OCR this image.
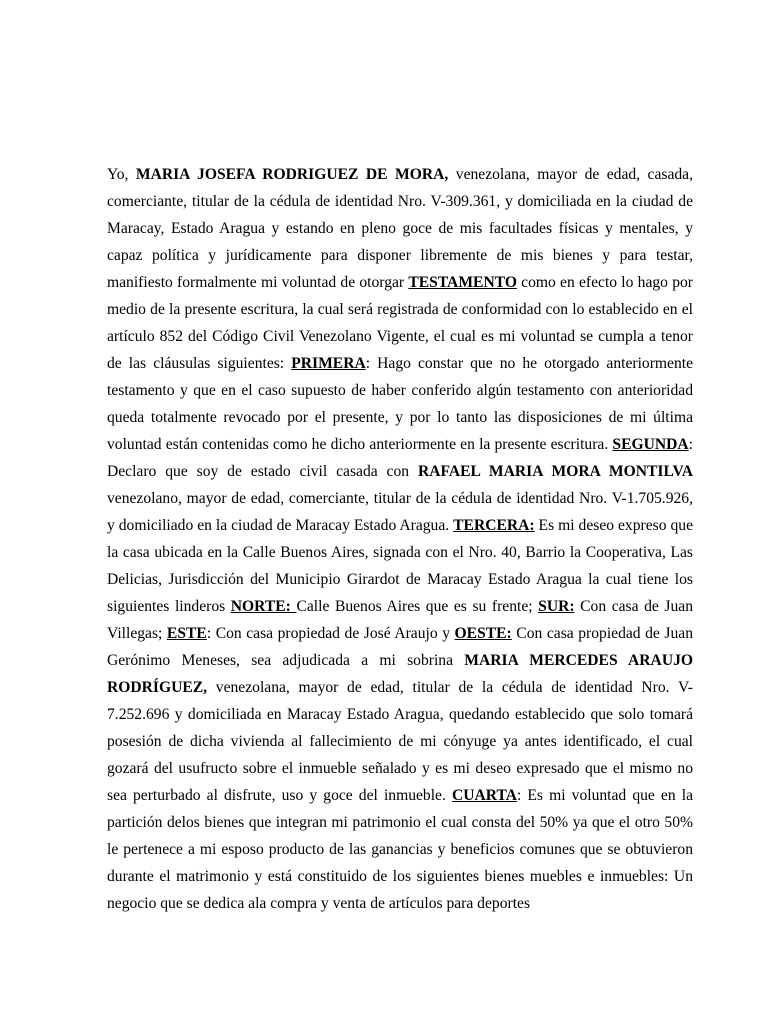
Yo, MARIA JOSEFA RODRIGUEZ DE MORA, venezolana, mayor de edad, casada, comerciante, titular de la cédula de identidad Nro. V-309.361, y domiciliada en la ciudad de Maracay, Estado Aragua y estando en pleno goce de mis facultades físicas y mentales, y capaz política y jurídicamente para disponer libremente de mis bienes y para testar, manifiesto formalmente mi voluntad de otorgar TESTAMENTO como en efecto lo hago por medio de la presente escritura, la cual será registrada de conformidad con lo establecido en el artículo 852 del Código Civil Venezolano Vigente, el cual es mi voluntad se cumpla a tenor de las cláusulas siguientes: PRIMERA: Hago constar que no he otorgado anteriormente testamento y que en el caso supuesto de haber conferido algún testamento con anterioridad queda totalmente revocado por el presente, y por lo tanto las disposiciones de mi última voluntad están contenidas como he dicho anteriormente en la presente escritura. SEGUNDA: Declaro que soy de estado civil casada con RAFAEL MARIA MORA MONTILVA venezolano, mayor de edad, comerciante, titular de la cédula de identidad Nro. V-1.705.926, y domiciliado en la ciudad de Maracay Estado Aragua. TERCERA: Es mi deseo expreso que la casa ubicada en la Calle Buenos Aires, signada con el Nro. 40, Barrio la Cooperativa, Las Delicias, Jurisdicción del Municipio Girardot de Maracay Estado Aragua la cual tiene los siguientes linderos NORTE: Calle Buenos Aires que es su frente; SUR: Con casa de Juan Villegas; ESTE: Con casa propiedad de José Araujo y OESTE: Con casa propiedad de Juan Gerónimo Meneses, sea adjudicada a mi sobrina MARIA MERCEDES ARAUJO RODRÍGUEZ, venezolana, mayor de edad, titular de la cédula de identidad Nro. V-7.252.696 y domiciliada en Maracay Estado Aragua, quedando establecido que solo tomará posesión de dicha vivienda al fallecimiento de mi cónyuge ya antes identificado, el cual gozará del usufructo sobre el inmueble señalado y es mi deseo expresado que el mismo no sea perturbado al disfrute, uso y goce del inmueble. CUARTA: Es mi voluntad que en la partición delos bienes que integran mi patrimonio el cual consta del 50% ya que el otro 50% le pertenece a mi esposo producto de las ganancias y beneficios comunes que se obtuvieron durante el matrimonio y está constituido de los siguientes bienes muebles e inmuebles: Un negocio que se dedica ala compra y venta de artículos para deportes
